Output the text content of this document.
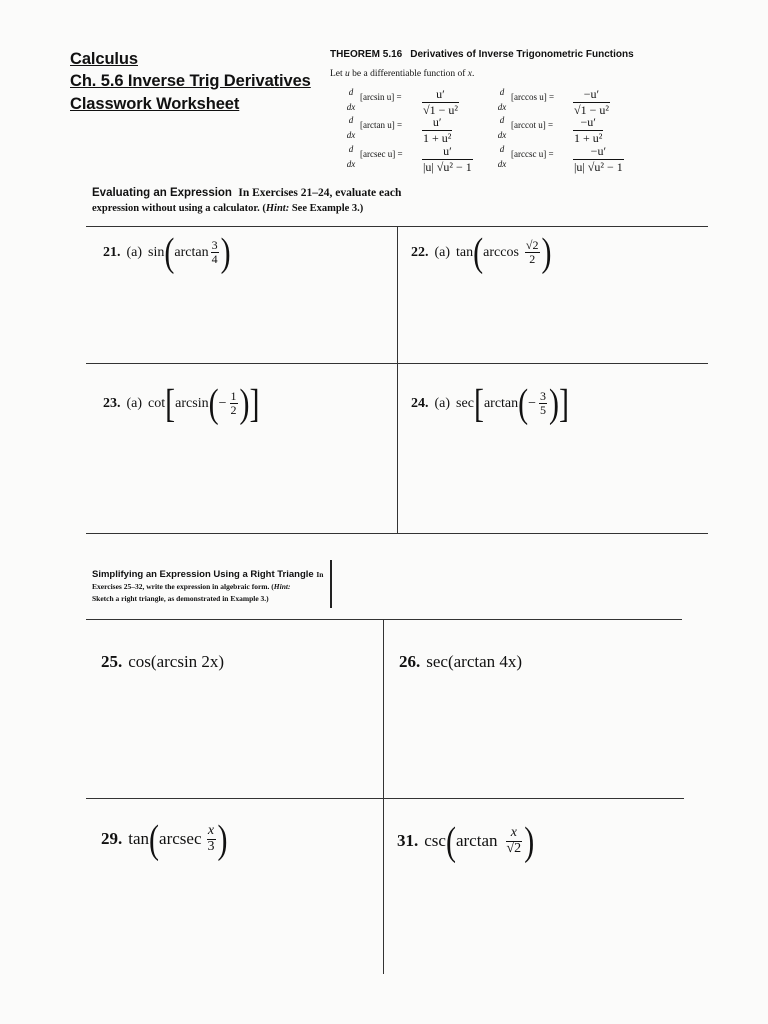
Calculus
Ch. 5.6 Inverse Trig Derivatives
Classwork Worksheet
THEOREM 5.16 Derivatives of Inverse Trigonometric Functions
Let u be a differentiable function of x.
d
dx
[arcsin u] =	u′
√1 − u²
d
dx
[arccos u] = −u′
√1 − u²
d
dx
[arctan u] =	u′
1 + u²
d
dx
[arccot u] = −u′
1 + u²
d
dx
[arcsec u] =	u′
|u| √u² − 1
d
dx
[arccsc u] =	−u′
|u| √u² − 1
Evaluating an Expression In Exercises 21–24, evaluate each
expression without using a calculator. (Hint: See Example 3.)
21. (a) sin ( $\arctan \frac{3}{4}$ )	22. (a) tan ( $\arccos \frac{√2}{2}$ )
23. (a) cot [ arcsin ( − $\frac{1}{2}$ ) ]	24. (a) sec [ arctan ( − $\frac{3}{5}$ ) ]
Simplifying an Expression Using a Right Triangle In
Exercises 25–32, write the expression in algebraic form. (Hint:
Sketch a right triangle, as demonstrated in Example 3.)
25. cos(arcsin 2x)	26. sec(arctan 4x)
29. tan ( arcsec $\frac{x}{3}$ )	31. csc ( $\arctan \frac{x}{√2}$ )
